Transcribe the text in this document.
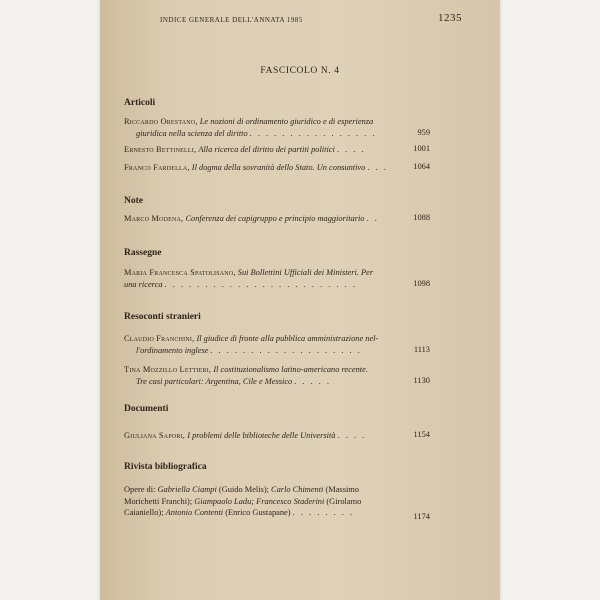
INDICE GENERALE DELL'ANNATA 1985	1235
FASCICOLO N. 4
Articoli
Riccardo Orestano, Le nozioni di ordinamento giuridico e di esperienza
giuridica nella scienza del diritto . . . . . . . . . . . . . . . .	959
Ernesto Bettinelli, Alla ricerca del diritto dei partiti politici . . . .	1001
Franco Fardella, Il dogma della sovranità dello Stato. Un consuntivo . . .	1064
Note
Marco Modena, Conferenza dei capigruppo e principio maggioritario . .	1088
Rassegne
Maria Francesca Spatolisano, Sui Bollettini Ufficiali dei Ministeri. Per
una ricerca . . . . . . . . . . . . . . . . . . . . . . . .	1098
Resoconti stranieri
Claudio Franchini, Il giudice di fronte alla pubblica amministrazione nel-
l'ordinamento inglese . . . . . . . . . . . . . . . . . . .	1113
Tina Mozzillo Lettieri, Il costituzionalismo latino-americano recente.
Tre casi particolari: Argentina, Cile e Messico . . . . .	1130
Documenti
Giuliana Sapori, I problemi delle biblioteche delle Università . . . .	1154
Rivista bibliografica
Opere di: Gabriella Ciampi (Guido Melis); Carlo Chimenti (Massimo
Morichetti Franchi); Giampaolo Ladu; Francesco Staderini (Girolamo
Caianiello); Antonio Contenti (Enrico Gustapane) . . . . . . . .	1174
